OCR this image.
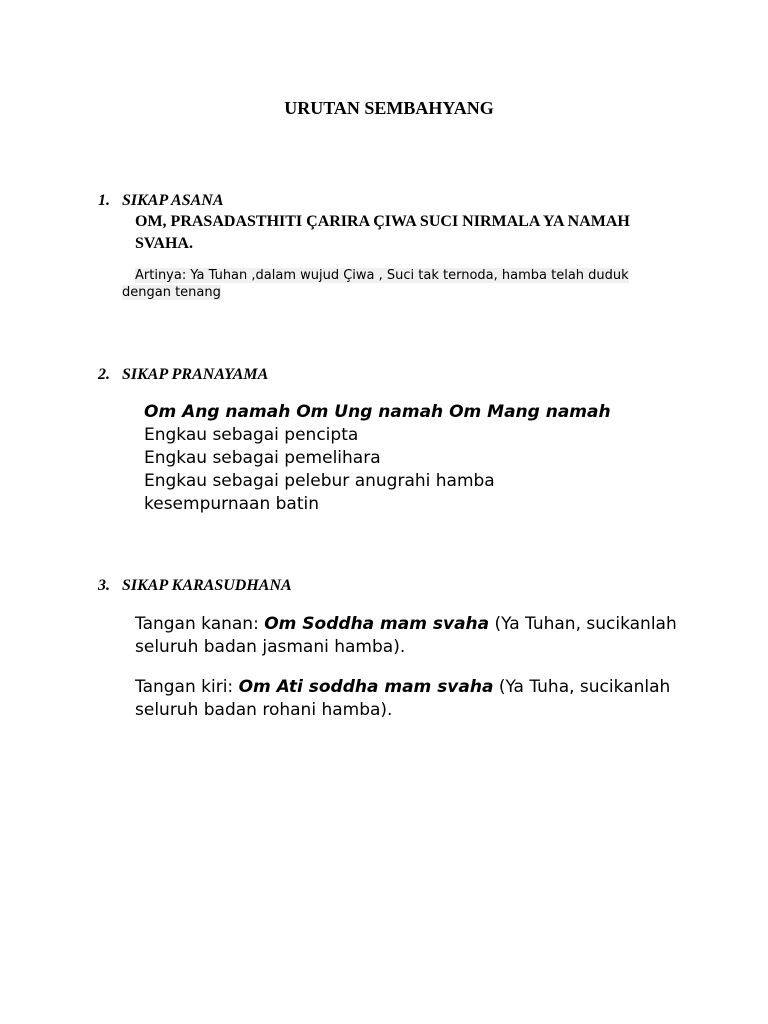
URUTAN SEMBAHYANG
1. SIKAP ASANA

OM, PRASADASTHITI ÇARIRA ÇIWA SUCI NIRMALA YA NAMAH SVAHA.

Artinya: Ya Tuhan ,dalam wujud Çiwa , Suci tak ternoda, hamba telah duduk dengan tenang

2. SIKAP PRANAYAMA
Om Ang namah Om Ung namah Om Mang namah
Engkau sebagai pencipta
Engkau sebagai pemelihara
Engkau sebagai pelebur anugrahi hamba
kesempurnaan batin
3. SIKAP KARASUDHANA

Tangan kanan: Om Soddha mam svaha (Ya Tuhan, sucikanlah seluruh badan jasmani hamba).

Tangan kiri: Om Ati soddha mam svaha (Ya Tuha, sucikanlah seluruh badan rohani hamba).
